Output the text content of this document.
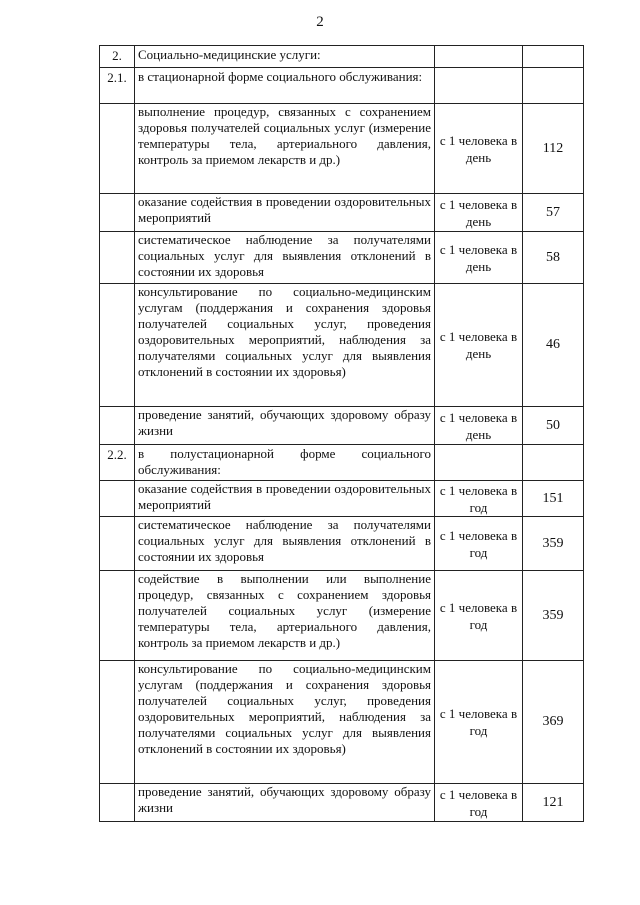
2
2.	Социально-медицинские услуги:		
2.1.	в стационарной форме социального обслуживания:		
	выполнение процедур, связанных с сохранением здоровья получателей социальных услуг (измерение температуры тела, артериального давления, контроль за приемом лекарств и др.)	с 1 человека в день	112
	оказание содействия в проведении оздоровительных мероприятий	с 1 человека в день	57
	систематическое наблюдение за получателями социальных услуг для выявления отклонений в состоянии их здоровья	с 1 человека в день	58
	консультирование по социально-медицинским услугам (поддержания и сохранения здоровья получателей социальных услуг, проведения оздоровительных мероприятий, наблюдения за получателями социальных услуг для выявления отклонений в состоянии их здоровья)	с 1 человека в день	46
	проведение занятий, обучающих здоровому образу жизни	с 1 человека в день	50
2.2.	в полустационарной форме социального обслуживания:		
	оказание содействия в проведении оздоровительных мероприятий	с 1 человека в год	151
	систематическое наблюдение за получателями социальных услуг для выявления отклонений в состоянии их здоровья	с 1 человека в год	359
	содействие в выполнении или выполнение процедур, связанных с сохранением здоровья получателей социальных услуг (измерение температуры тела, артериального давления, контроль за приемом лекарств и др.)	с 1 человека в год	359
	консультирование по социально-медицинским услугам (поддержания и сохранения здоровья получателей социальных услуг, проведения оздоровительных мероприятий, наблюдения за получателями социальных услуг для выявления отклонений в состоянии их здоровья)	с 1 человека в год	369
	проведение занятий, обучающих здоровому образу жизни	с 1 человека в год	121
